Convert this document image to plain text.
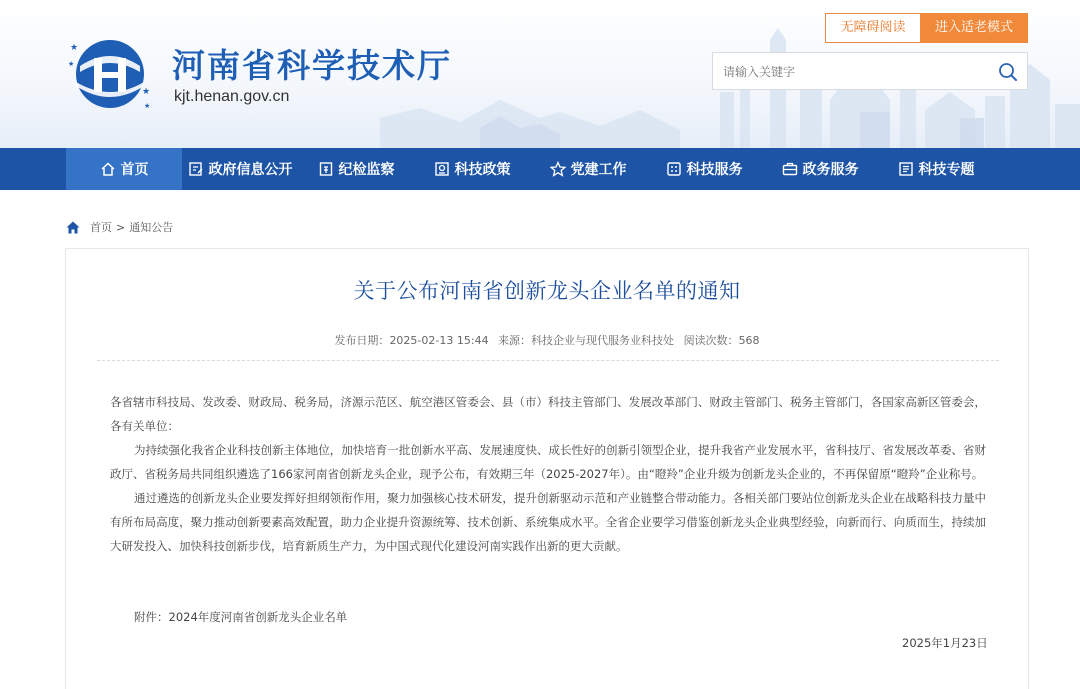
★
★
★
★
河南省科学技术厅
kjt.henan.gov.cn
无障碍阅读	进入适老模式
请输入关键字
首页	政府信息公开	纪检监察	科技政策	党建工作	科技服务	政务服务	科技专题
首页 > 通知公告
关于公布河南省创新龙头企业名单的通知
发布日期：2025-02-13 15:44 来源：科技企业与现代服务业科技处 阅读次数：568

各省辖市科技局、发改委、财政局、税务局，济源示范区、航空港区管委会、县（市）科技主管部门、发展改革部门、财政主管部门、税务主管部门，各国家高新区管委会，各有关单位：

为持续强化我省企业科技创新主体地位，加快培育一批创新水平高、发展速度快、成长性好的创新引领型企业，提升我省产业发展水平，省科技厅、省发展改革委、省财政厅、省税务局共同组织遴选了166家河南省创新龙头企业，现予公布，有效期三年（2025-2027年）。由“瞪羚”企业升级为创新龙头企业的，不再保留原“瞪羚”企业称号。

通过遴选的创新龙头企业要发挥好担纲领衔作用，聚力加强核心技术研发，提升创新驱动示范和产业链整合带动能力。各相关部门要站位创新龙头企业在战略科技力量中有所布局高度，聚力推动创新要素高效配置，助力企业提升资源统筹、技术创新、系统集成水平。全省企业要学习借鉴创新龙头企业典型经验，向新而行、向质而生，持续加大研发投入、加快科技创新步伐，培育新质生产力，为中国式现代化建设河南实践作出新的更大贡献。

附件：2024年度河南省创新龙头企业名单
2025年1月23日
